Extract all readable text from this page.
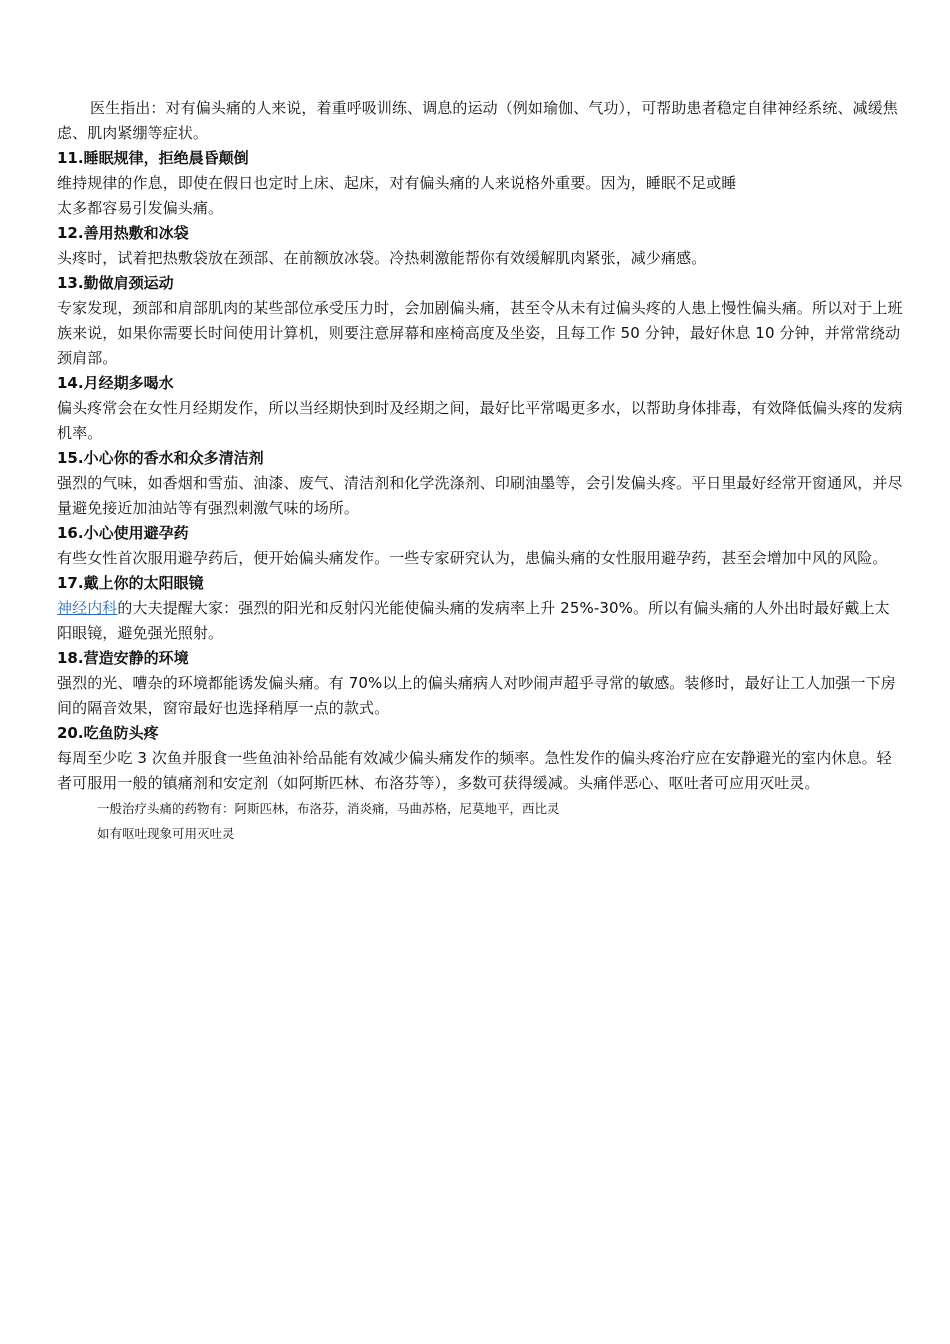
医生指出：对有偏头痛的人来说，着重呼吸训练、调息的运动（例如瑜伽、气功），可帮助患者稳定自律神经系统、减缓焦虑、肌肉紧绷等症状。

11.睡眠规律，拒绝晨昏颠倒

维持规律的作息，即使在假日也定时上床、起床，对有偏头痛的人来说格外重要。因为，睡眠不足或睡

太多都容易引发偏头痛。

12.善用热敷和冰袋

头疼时，试着把热敷袋放在颈部、在前额放冰袋。冷热刺激能帮你有效缓解肌肉紧张，减少痛感。

13.勤做肩颈运动

专家发现，颈部和肩部肌肉的某些部位承受压力时，会加剧偏头痛，甚至令从未有过偏头疼的人患上慢性偏头痛。所以对于上班族来说，如果你需要长时间使用计算机，则要注意屏幕和座椅高度及坐姿，且每工作 50 分钟，最好休息 10 分钟，并常常绕动颈肩部。

14.月经期多喝水

偏头疼常会在女性月经期发作，所以当经期快到时及经期之间，最好比平常喝更多水，以帮助身体排毒，有效降低偏头疼的发病机率。

15.小心你的香水和众多清洁剂

强烈的气味，如香烟和雪茄、油漆、废气、清洁剂和化学洗涤剂、印刷油墨等，会引发偏头疼。平日里最好经常开窗通风，并尽量避免接近加油站等有强烈刺激气味的场所。

16.小心使用避孕药

有些女性首次服用避孕药后，便开始偏头痛发作。一些专家研究认为，患偏头痛的女性服用避孕药，甚至会增加中风的风险。

17.戴上你的太阳眼镜

神经内科的大夫提醒大家：强烈的阳光和反射闪光能使偏头痛的发病率上升 25%-30%。所以有偏头痛的人外出时最好戴上太阳眼镜，避免强光照射。

18.营造安静的环境

强烈的光、嘈杂的环境都能诱发偏头痛。有 70%以上的偏头痛病人对吵闹声超乎寻常的敏感。装修时，最好让工人加强一下房间的隔音效果，窗帘最好也选择稍厚一点的款式。

20.吃鱼防头疼

每周至少吃 3 次鱼并服食一些鱼油补给品能有效减少偏头痛发作的频率。急性发作的偏头疼治疗应在安静避光的室内休息。轻者可服用一般的镇痛剂和安定剂（如阿斯匹林、布洛芬等），多数可获得缓减。头痛伴恶心、呕吐者可应用灭吐灵。

一般治疗头痛的药物有：阿斯匹林，布洛芬，消炎痛，马曲苏格，尼莫地平，西比灵

如有呕吐现象可用灭吐灵
